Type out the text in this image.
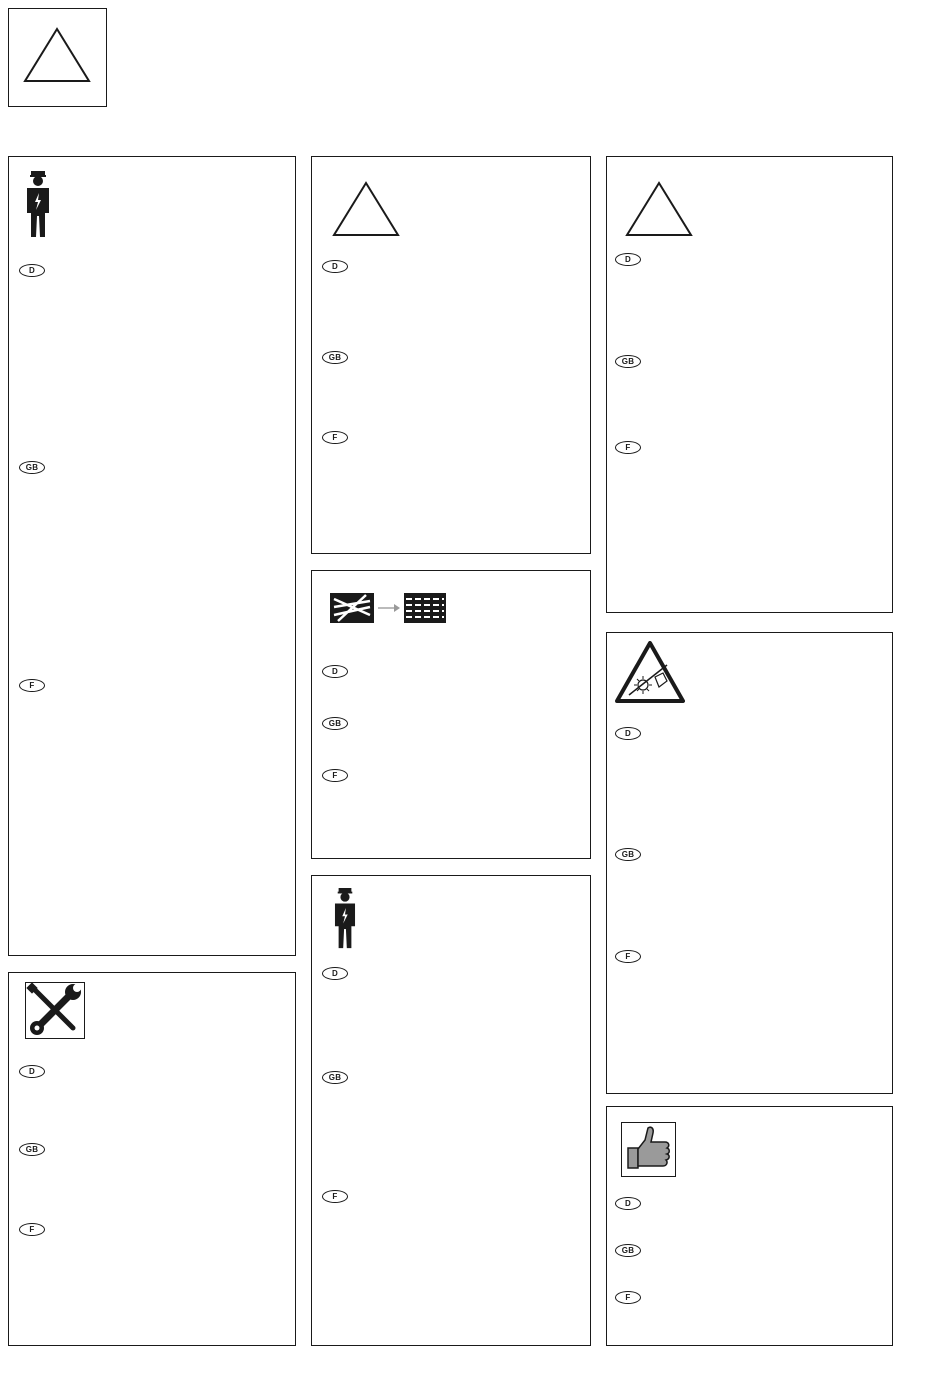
D
GB
F
D
GB
F
D
GB
F
D
GB
F
D
GB
F
D
GB
F
D
GB
F
D
GB
F
